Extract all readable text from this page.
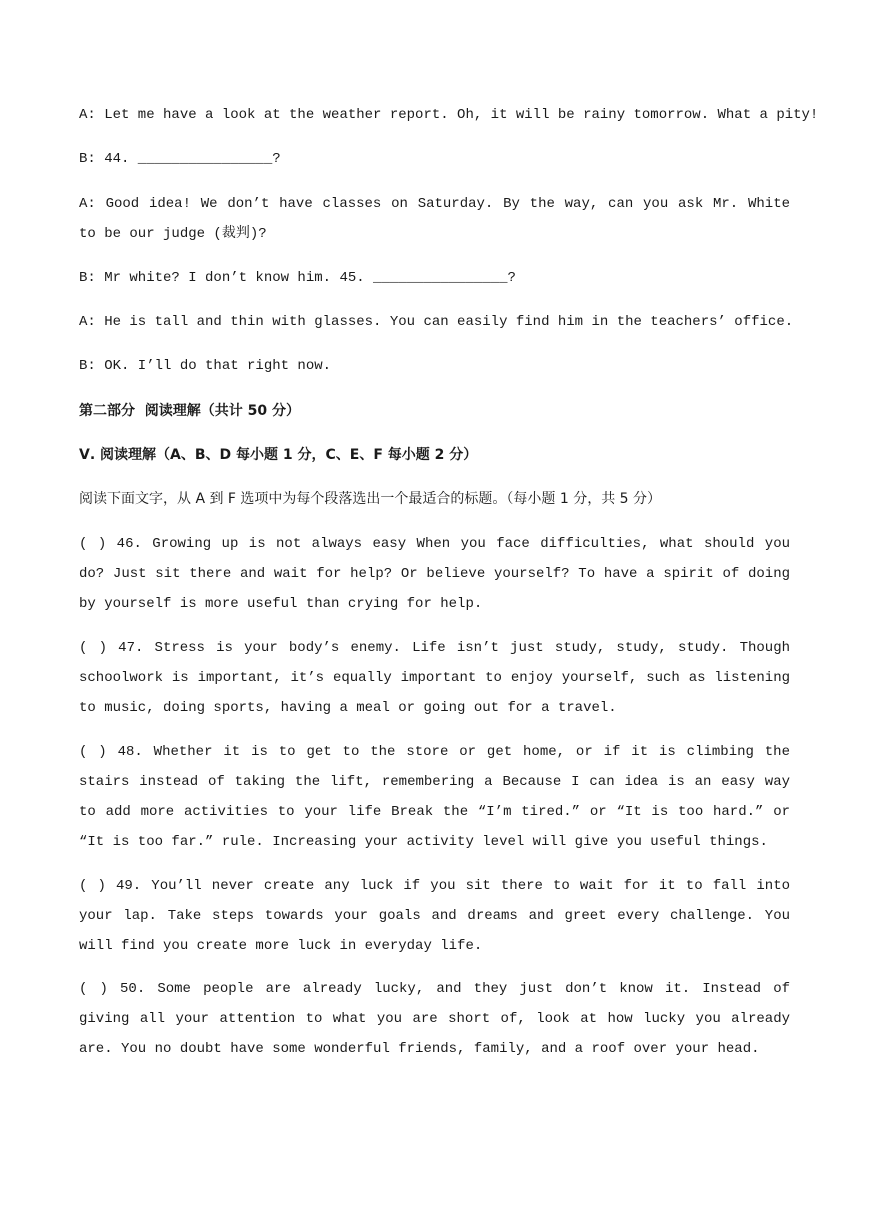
A: Let me have a look at the weather report. Oh, it will be rainy tomorrow. What a pity!
B: 44. ________________?
A: Good idea! We don’t have classes on Saturday. By the way, can you ask Mr. White to be our judge (裁判)?
B: Mr white? I don’t know him. 45. ________________?
A: He is tall and thin with glasses. You can easily find him in the teachers’ office.
B: OK. I’ll do that right now.
第二部分  阅读理解（共计 50 分）
Ⅴ. 阅读理解（A、B、D 每小题 1 分，C、E、F 每小题 2 分）
阅读下面文字，从 A 到 F 选项中为每个段落选出一个最适合的标题。（每小题 1 分，共 5 分）
( ) 46. Growing up is not always easy When you face difficulties, what should you do? Just sit there and wait for help? Or believe yourself? To have a spirit of doing by yourself is more useful than crying for help.
( ) 47. Stress is your body’s enemy. Life isn’t just study, study, study. Though schoolwork is important, it’s equally important to enjoy yourself, such as listening to music, doing sports, having a meal or going out for a travel.
( ) 48. Whether it is to get to the store or get home, or if it is climbing the stairs instead of taking the lift, remembering a Because I can idea is an easy way to add more activities to your life Break the “I’m tired.” or “It is too hard.” or “It is too far.” rule. Increasing your activity level will give you useful things.
( ) 49. You’ll never create any luck if you sit there to wait for it to fall into your lap. Take steps towards your goals and dreams and greet every challenge. You will find you create more luck in everyday life.
( ) 50. Some people are already lucky, and they just don’t know it. Instead of giving all your attention to what you are short of, look at how lucky you already are. You no doubt have some wonderful friends, family, and a roof over your head.
